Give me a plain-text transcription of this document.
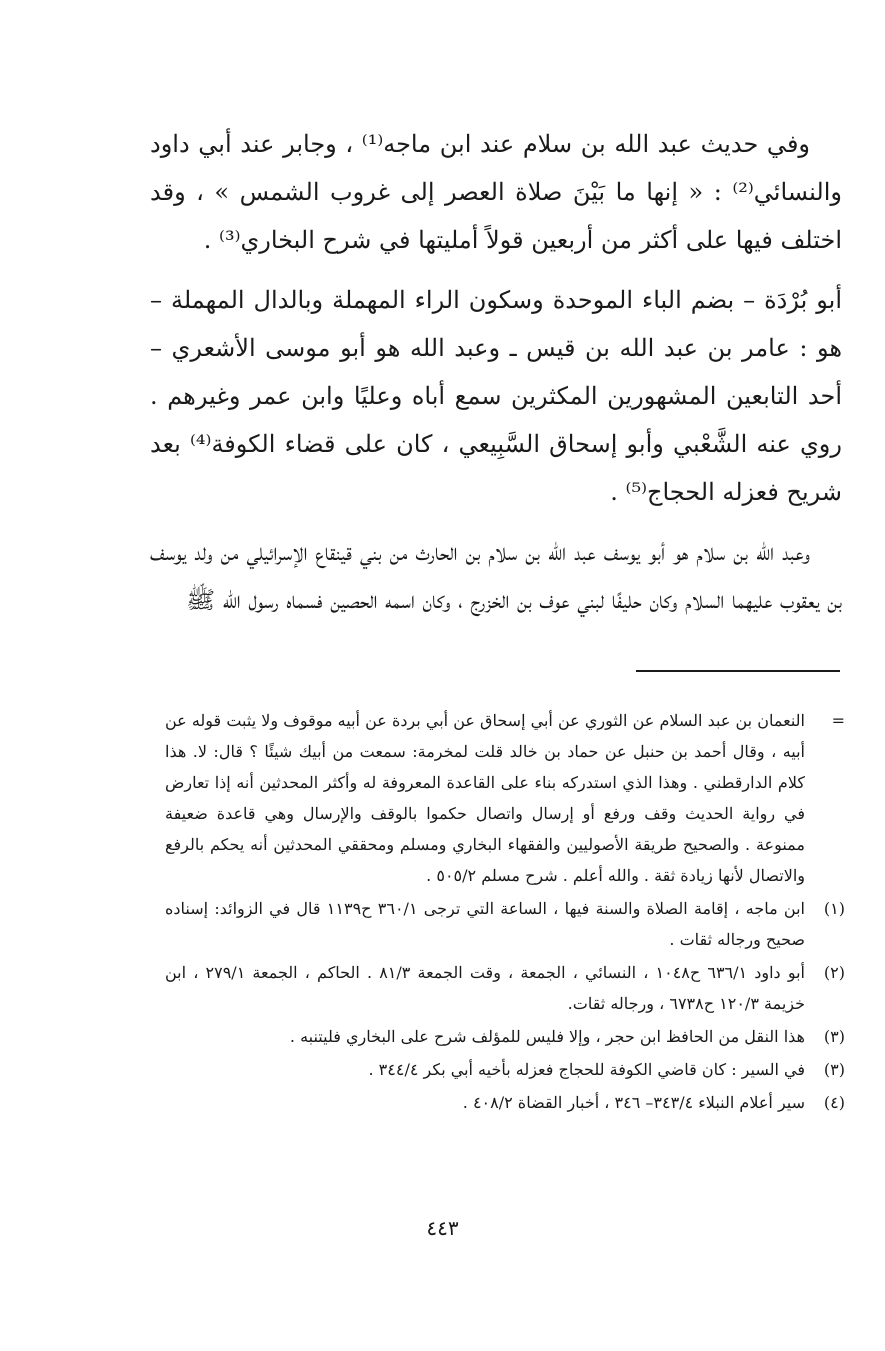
وفي حديث عبد الله بن سلام عند ابن ماجه⁽¹⁾ ، وجابر عند أبي داود والنسائي⁽²⁾ : « إنها ما بَيْنَ صلاة العصر إلى غروب الشمس » ، وقد اختلف فيها على أكثر من أربعين قولاً أمليتها في شرح البخاري⁽³⁾ .

أبو بُرْدَة – بضم الباء الموحدة وسكون الراء المهملة وبالدال المهملة – هو : عامر بن عبد الله بن قيس ـ وعبد الله هو أبو موسى الأشعري – أحد التابعين المشهورين المكثرين سمع أباه وعليًا وابن عمر وغيرهم . روي عنه الشَّعْبي وأبو إسحاق السَّبِيعي ، كان على قضاء الكوفة⁽⁴⁾ بعد شريح فعزله الحجاج⁽⁵⁾ .

وعبد الله بن سلام هو أبو يوسف عبد الله بن سلام بن الحارث من بني قينقاع الإسرائيلي من ولد يوسف بن يعقوب عليهما السلام وكان حليفًا لبني عوف بن الخزرج ، وكان اسمه الحصين فسماه رسول الله ﷺ

=
النعمان بن عبد السلام عن الثوري عن أبي إسحاق عن أبي بردة عن أبيه موقوف ولا يثبت قوله عن أبيه ، وقال أحمد بن حنبل عن حماد بن خالد قلت لمخرمة: سمعت من أبيك شيئًا ؟ قال: لا. هذا كلام الدارقطني . وهذا الذي استدركه بناء على القاعدة المعروفة له وأكثر المحدثين أنه إذا تعارض في رواية الحديث وقف ورفع أو إرسال واتصال حكموا بالوقف والإرسال وهي قاعدة ضعيفة ممنوعة . والصحيح طريقة الأصوليين والفقهاء البخاري ومسلم ومحققي المحدثين أنه يحكم بالرفع والاتصال لأنها زيادة ثقة . والله أعلم . شرح مسلم ٥٠٥/٢ .
(١)
ابن ماجه ، إقامة الصلاة والسنة فيها ، الساعة التي ترجى ٣٦٠/١ ح١١٣٩ قال في الزوائد: إسناده صحيح ورجاله ثقات .
(٢)
أبو داود ٦٣٦/١ ح١٠٤٨ ، النسائي ، الجمعة ، وقت الجمعة ٨١/٣ . الحاكم ، الجمعة ٢٧٩/١ ، ابن خزيمة ١٢٠/٣ ح٦٧٣٨ ، ورجاله ثقات.
(٣)
هذا النقل من الحافظ ابن حجر ، وإلا فليس للمؤلف شرح على البخاري فليتنبه .
(٣)
في السير : كان قاضي الكوفة للحجاج فعزله بأخيه أبي بكر ٣٤٤/٤ .
(٤)
سير أعلام النبلاء ٣٤٣/٤– ٣٤٦ ، أخبار القضاة ٤٠٨/٢ .
٤٤٣
